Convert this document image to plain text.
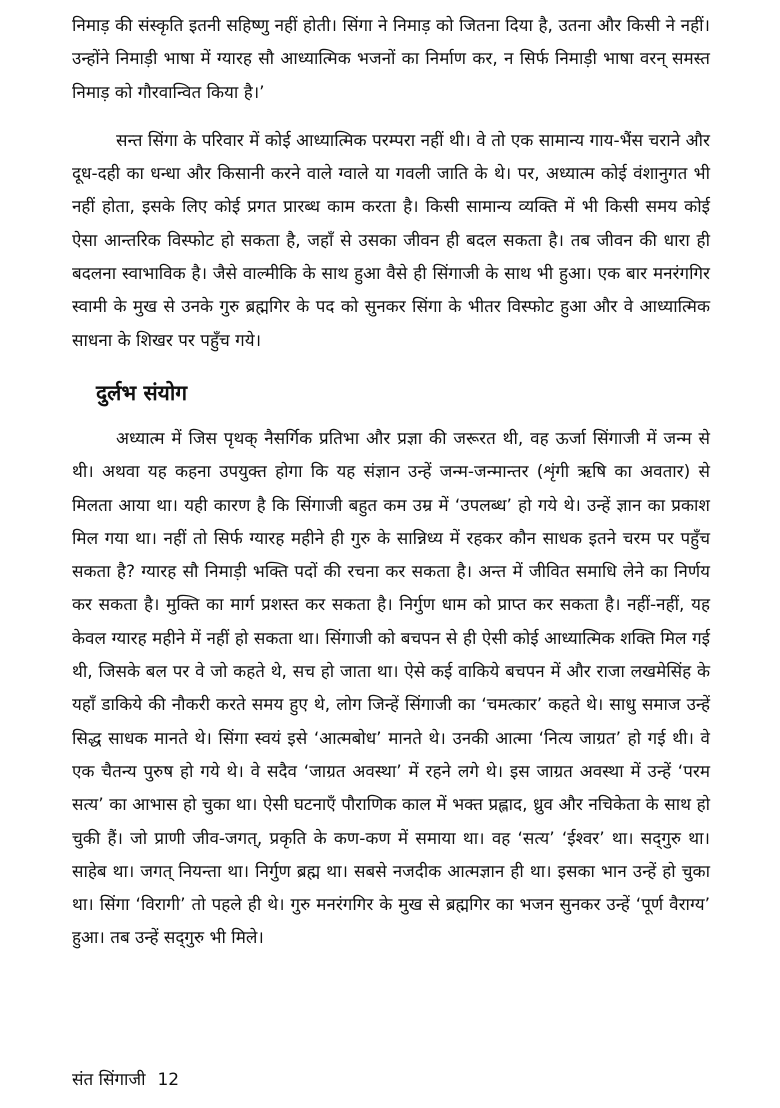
निमाड़ की संस्कृति इतनी सहिष्णु नहीं होती। सिंगा ने निमाड़ को जितना दिया है, उतना और किसी ने नहीं। उन्होंने निमाड़ी भाषा में ग्यारह सौ आध्यात्मिक भजनों का निर्माण कर, न सिर्फ निमाड़ी भाषा वरन् समस्त निमाड़ को गौरवान्वित किया है।’

सन्त सिंगा के परिवार में कोई आध्यात्मिक परम्परा नहीं थी। वे तो एक सामान्य गाय-भैंस चराने और दूध-दही का धन्धा और किसानी करने वाले ग्वाले या गवली जाति के थे। पर, अध्यात्म कोई वंशानुगत भी नहीं होता, इसके लिए कोई प्रगत प्रारब्ध काम करता है। किसी सामान्य व्यक्ति में भी किसी समय कोई ऐसा आन्तरिक विस्फोट हो सकता है, जहाँ से उसका जीवन ही बदल सकता है। तब जीवन की धारा ही बदलना स्वाभाविक है। जैसे वाल्मीकि के साथ हुआ वैसे ही सिंगाजी के साथ भी हुआ। एक बार मनरंगगिर स्वामी के मुख से उनके गुरु ब्रह्मगिर के पद को सुनकर सिंगा के भीतर विस्फोट हुआ और वे आध्यात्मिक साधना के शिखर पर पहुँच गये।

दुर्लभ संयोग

अध्यात्म में जिस पृथक् नैसर्गिक प्रतिभा और प्रज्ञा की जरूरत थी, वह ऊर्जा सिंगाजी में जन्म से थी। अथवा यह कहना उपयुक्त होगा कि यह संज्ञान उन्हें जन्म-जन्मान्तर (शृंगी ऋषि का अवतार) से मिलता आया था। यही कारण है कि सिंगाजी बहुत कम उम्र में ‘उपलब्ध’ हो गये थे। उन्हें ज्ञान का प्रकाश मिल गया था। नहीं तो सिर्फ ग्यारह महीने ही गुरु के सान्निध्य में रहकर कौन साधक इतने चरम पर पहुँच सकता है? ग्यारह सौ निमाड़ी भक्ति पदों की रचना कर सकता है। अन्त में जीवित समाधि लेने का निर्णय कर सकता है। मुक्ति का मार्ग प्रशस्त कर सकता है। निर्गुण धाम को प्राप्त कर सकता है। नहीं-नहीं, यह केवल ग्यारह महीने में नहीं हो सकता था। सिंगाजी को बचपन से ही ऐसी कोई आध्यात्मिक शक्ति मिल गई थी, जिसके बल पर वे जो कहते थे, सच हो जाता था। ऐसे कई वाकिये बचपन में और राजा लखमेसिंह के यहाँ डाकिये की नौकरी करते समय हुए थे, लोग जिन्हें सिंगाजी का ‘चमत्कार’ कहते थे। साधु समाज उन्हें सिद्ध साधक मानते थे। सिंगा स्वयं इसे ‘आत्मबोध’ मानते थे। उनकी आत्मा ‘नित्य जाग्रत’ हो गई थी। वे एक चैतन्य पुरुष हो गये थे। वे सदैव ‘जाग्रत अवस्था’ में रहने लगे थे। इस जाग्रत अवस्था में उन्हें ‘परम सत्य’ का आभास हो चुका था। ऐसी घटनाएँ पौराणिक काल में भक्त प्रह्लाद, ध्रुव और नचिकेता के साथ हो चुकी हैं। जो प्राणी जीव-जगत्, प्रकृति के कण-कण में समाया था। वह ‘सत्य’ ‘ईश्वर’ था। सद्‌गुरु था। साहेब था। जगत् नियन्ता था। निर्गुण ब्रह्म था। सबसे नजदीक आत्मज्ञान ही था। इसका भान उन्हें हो चुका था। सिंगा ‘विरागी’ तो पहले ही थे। गुरु मनरंगगिर के मुख से ब्रह्मगिर का भजन सुनकर उन्हें ‘पूर्ण वैराग्य’ हुआ। तब उन्हें सद्‌गुरु भी मिले।

संत सिंगाजी 12
